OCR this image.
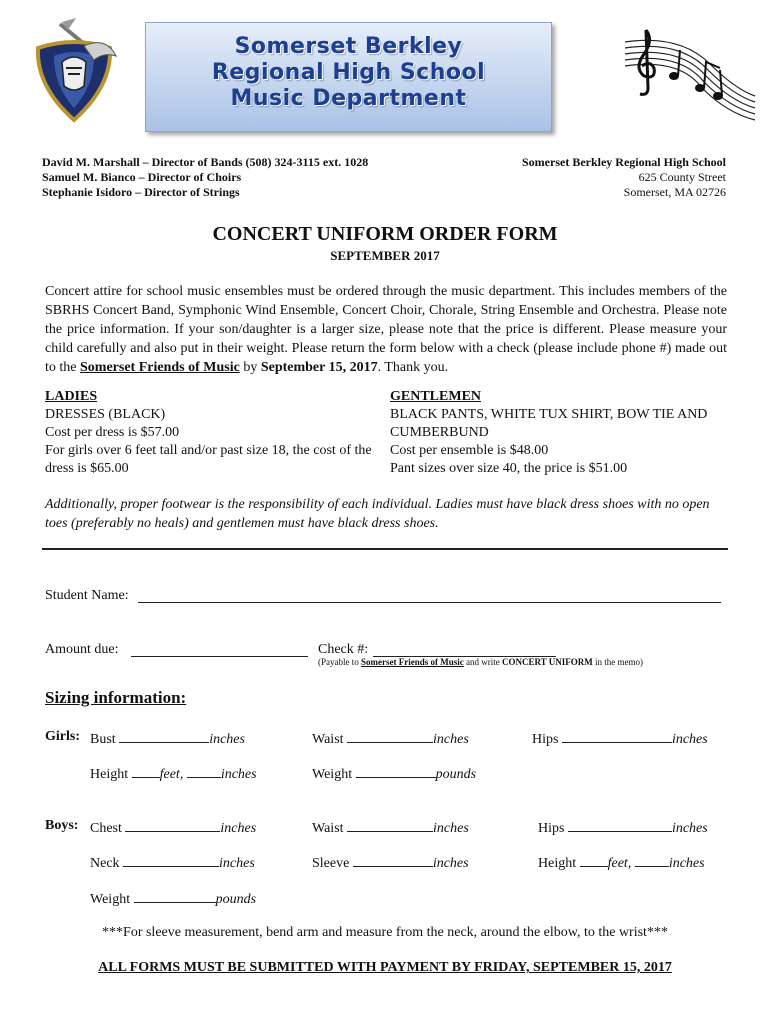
Somerset Berkley
Regional High School
Music Department
David M. Marshall – Director of Bands (508) 324-3115 ext. 1028
Samuel M. Bianco – Director of Choirs
Stephanie Isidoro – Director of Strings
Somerset Berkley Regional High School
625 County Street
Somerset, MA 02726
CONCERT UNIFORM ORDER FORM
SEPTEMBER 2017
Concert attire for school music ensembles must be ordered through the music department. This includes members of the SBRHS Concert Band, Symphonic Wind Ensemble, Concert Choir, Chorale, String Ensemble and Orchestra. Please note the price information. If your son/daughter is a larger size, please note that the price is different. Please measure your child carefully and also put in their weight. Please return the form below with a check (please include phone #) made out to the Somerset Friends of Music by September 15, 2017. Thank you.
LADIES
DRESSES (BLACK)
Cost per dress is $57.00
For girls over 6 feet tall and/or past size 18, the cost of the dress is $65.00
GENTLEMEN
BLACK PANTS, WHITE TUX SHIRT, BOW TIE AND CUMBERBUND
Cost per ensemble is $48.00
Pant sizes over size 40, the price is $51.00
Additionally, proper footwear is the responsibility of each individual. Ladies must have black dress shoes with no open toes (preferably no heals) and gentlemen must have black dress shoes.
Student Name:
Amount due:	Check #:
(Payable to Somerset Friends of Music and write CONCERT UNIFORM in the memo)
Sizing information:
Girls: Bust	inches	Waist	inches	Hips	inches
Height feet,	inches	Weight	pounds
Boys: Chest	inches	Waist	inches	Hips	inches
Neck	inches	Sleeve	inches	Height feet,	inches
Weight	pounds
***For sleeve measurement, bend arm and measure from the neck, around the elbow, to the wrist***
ALL FORMS MUST BE SUBMITTED WITH PAYMENT BY FRIDAY, SEPTEMBER 15, 2017
